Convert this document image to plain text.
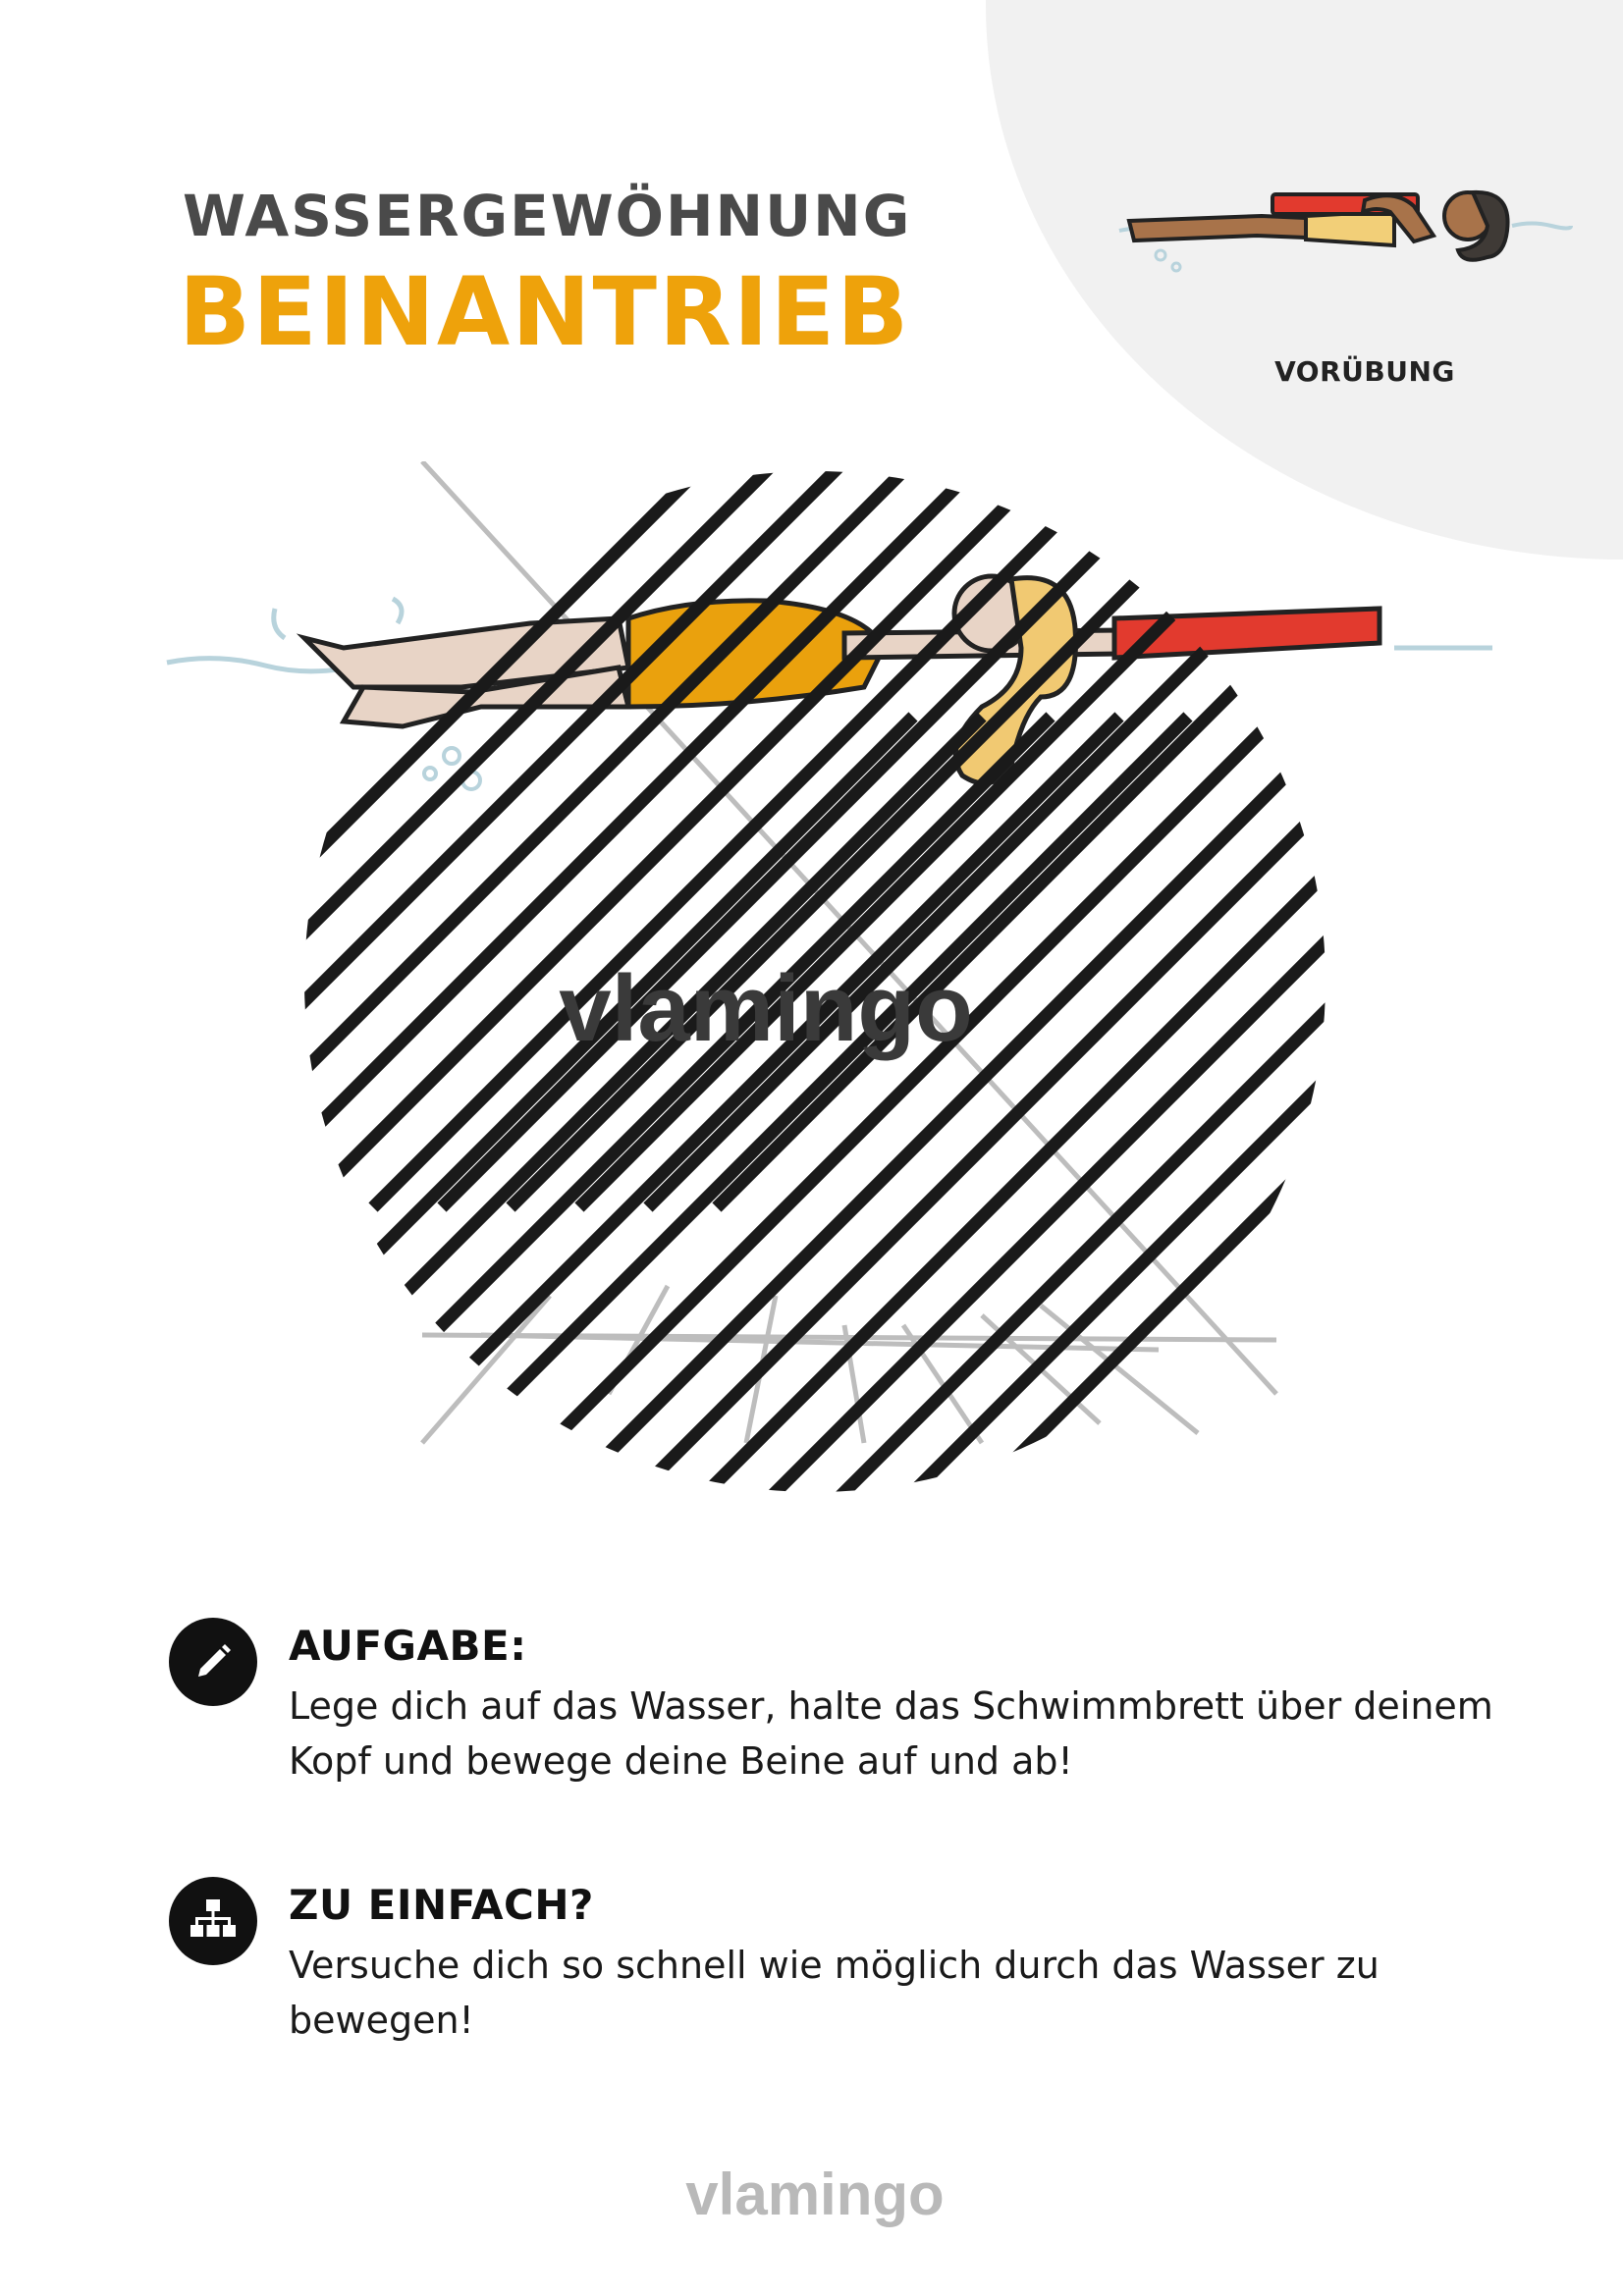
VORÜBUNG
WASSERGEWÖHNUNG
BEINANTRIEB
vlamingo
AUFGABE:
Lege dich auf das Wasser, halte das Schwimmbrett über deinem
Kopf und bewege deine Beine auf und ab!
ZU EINFACH?
Versuche dich so schnell wie möglich durch das Wasser zu
bewegen!
vlamingo
